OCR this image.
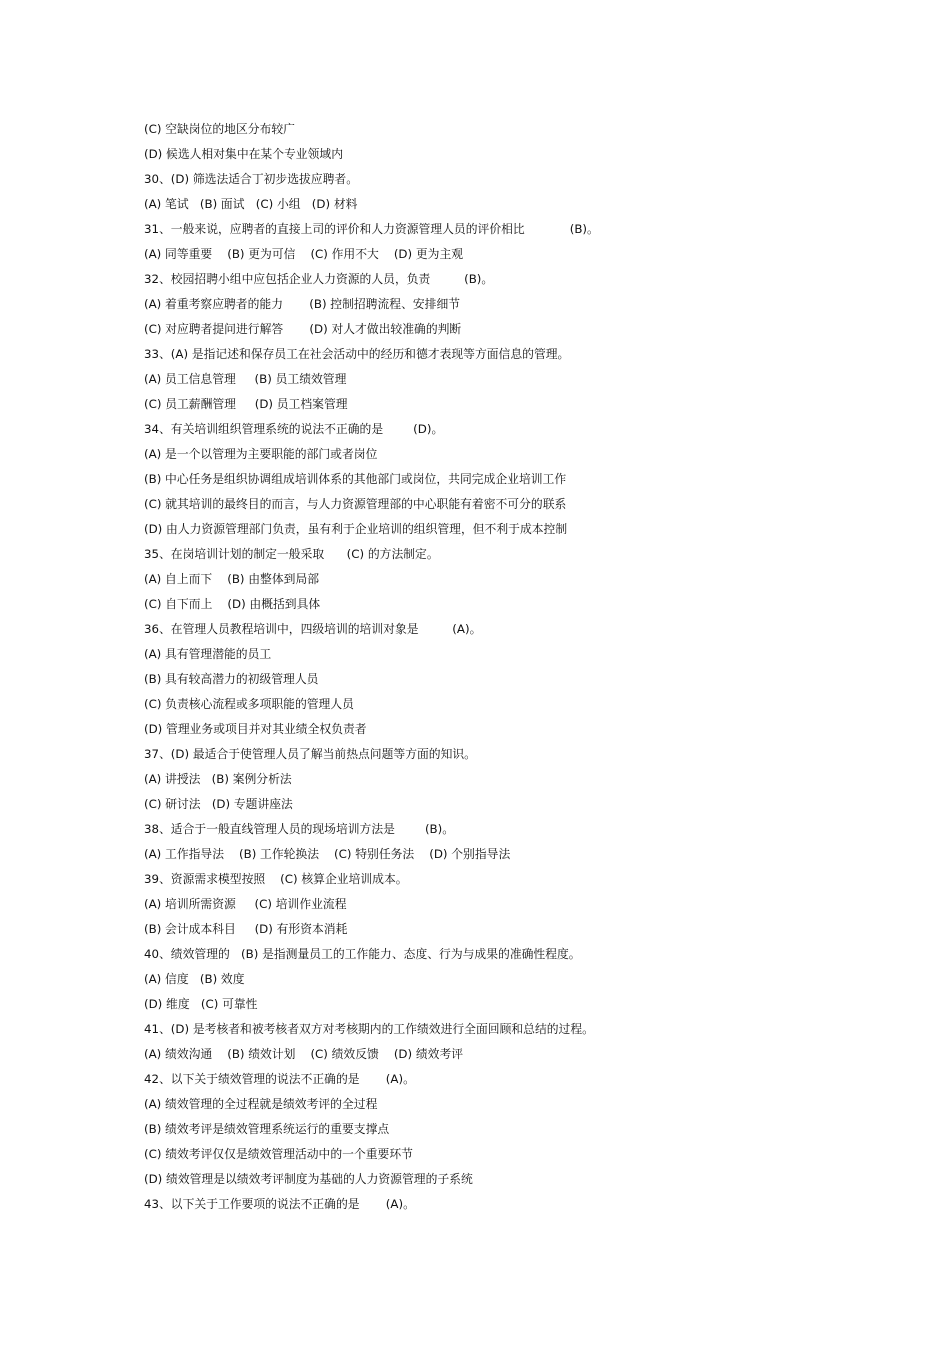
(C) 空缺岗位的地区分布较广
(D) 候选人相对集中在某个专业领域内
30、(D) 筛选法适合丁初步选拔应聘者。
(A) 笔试   (B) 面试   (C) 小组   (D) 材料
31、一般来说，应聘者的直接上司的评价和人力资源管理人员的评价相比            (B)。
(A) 同等重要    (B) 更为可信    (C) 作用不大    (D) 更为主观
32、校园招聘小组中应包括企业人力资源的人员，负责         (B)。
(A) 着重考察应聘者的能力       (B) 控制招聘流程、安排细节
(C) 对应聘者提问进行解答       (D) 对人才做出较准确的判断
33、(A) 是指记述和保存员工在社会活动中的经历和德才表现等方面信息的管理。
(A) 员工信息管理     (B) 员工绩效管理
(C) 员工薪酬管理     (D) 员工档案管理
34、有关培训组织管理系统的说法不正确的是        (D)。
(A) 是一个以管理为主要职能的部门或者岗位
(B) 中心任务是组织协调组成培训体系的其他部门或岗位，共同完成企业培训工作
(C) 就其培训的最终目的而言，与人力资源管理部的中心职能有着密不可分的联系
(D) 由人力资源管理部门负责，虽有利于企业培训的组织管理，但不利于成本控制
35、在岗培训计划的制定一般采取      (C) 的方法制定。
(A) 自上而下    (B) 由整体到局部
(C) 自下而上    (D) 由概括到具体
36、在管理人员教程培训中，四级培训的培训对象是         (A)。
(A) 具有管理潜能的员工
(B) 具有较高潜力的初级管理人员
(C) 负责核心流程或多项职能的管理人员
(D) 管理业务或项目并对其业绩全权负责者
37、(D) 最适合于使管理人员了解当前热点问题等方面的知识。
(A) 讲授法   (B) 案例分析法
(C) 研讨法   (D) 专题讲座法
38、适合于一般直线管理人员的现场培训方法是        (B)。
(A) 工作指导法    (B) 工作轮换法    (C) 特别任务法    (D) 个别指导法
39、资源需求模型按照    (C) 核算企业培训成本。
(A) 培训所需资源     (C) 培训作业流程
(B) 会计成本科目     (D) 有形资本消耗
40、绩效管理的   (B) 是指测量员工的工作能力、态度、行为与成果的准确性程度。
(A) 信度   (B) 效度
(D) 维度   (C) 可靠性
41、(D) 是考核者和被考核者双方对考核期内的工作绩效进行全面回顾和总结的过程。
(A) 绩效沟通    (B) 绩效计划    (C) 绩效反馈    (D) 绩效考评
42、以下关于绩效管理的说法不正确的是       (A)。
(A) 绩效管理的全过程就是绩效考评的全过程
(B) 绩效考评是绩效管理系统运行的重要支撑点
(C) 绩效考评仅仅是绩效管理活动中的一个重要环节
(D) 绩效管理是以绩效考评制度为基础的人力资源管理的子系统
43、以下关于工作要项的说法不正确的是       (A)。
